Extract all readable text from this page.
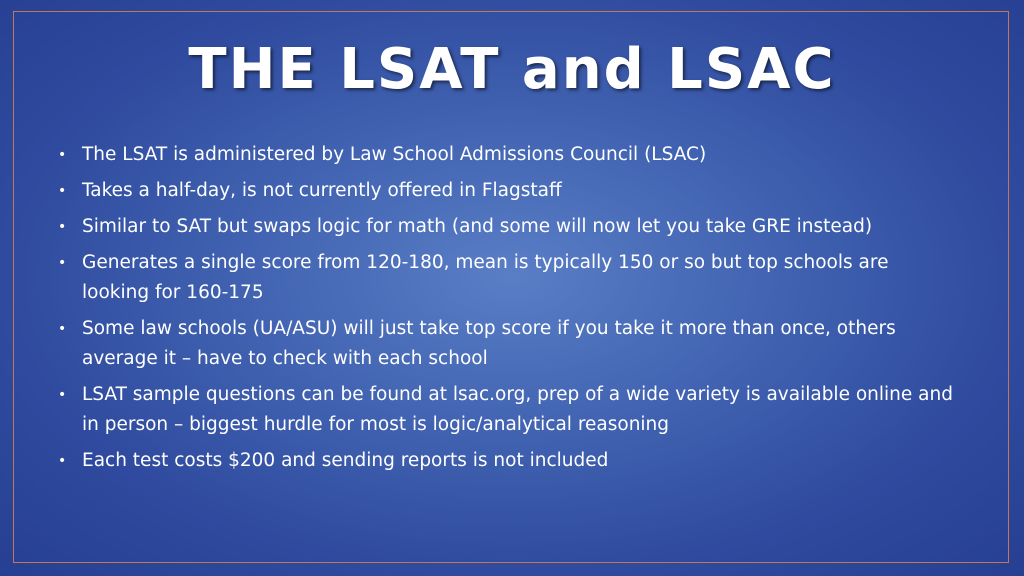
THE LSAT and LSAC
• The LSAT is administered by Law School Admissions Council (LSAC)
• Takes a half-day, is not currently offered in Flagstaff
• Similar to SAT but swaps logic for math (and some will now let you take GRE instead)
• Generates a single score from 120-180, mean is typically 150 or so but top schools are looking for 160-175
• Some law schools (UA/ASU) will just take top score if you take it more than once, others average it – have to check with each school
• LSAT sample questions can be found at lsac.org, prep of a wide variety is available online and in person – biggest hurdle for most is logic/analytical reasoning
• Each test costs $200 and sending reports is not included
